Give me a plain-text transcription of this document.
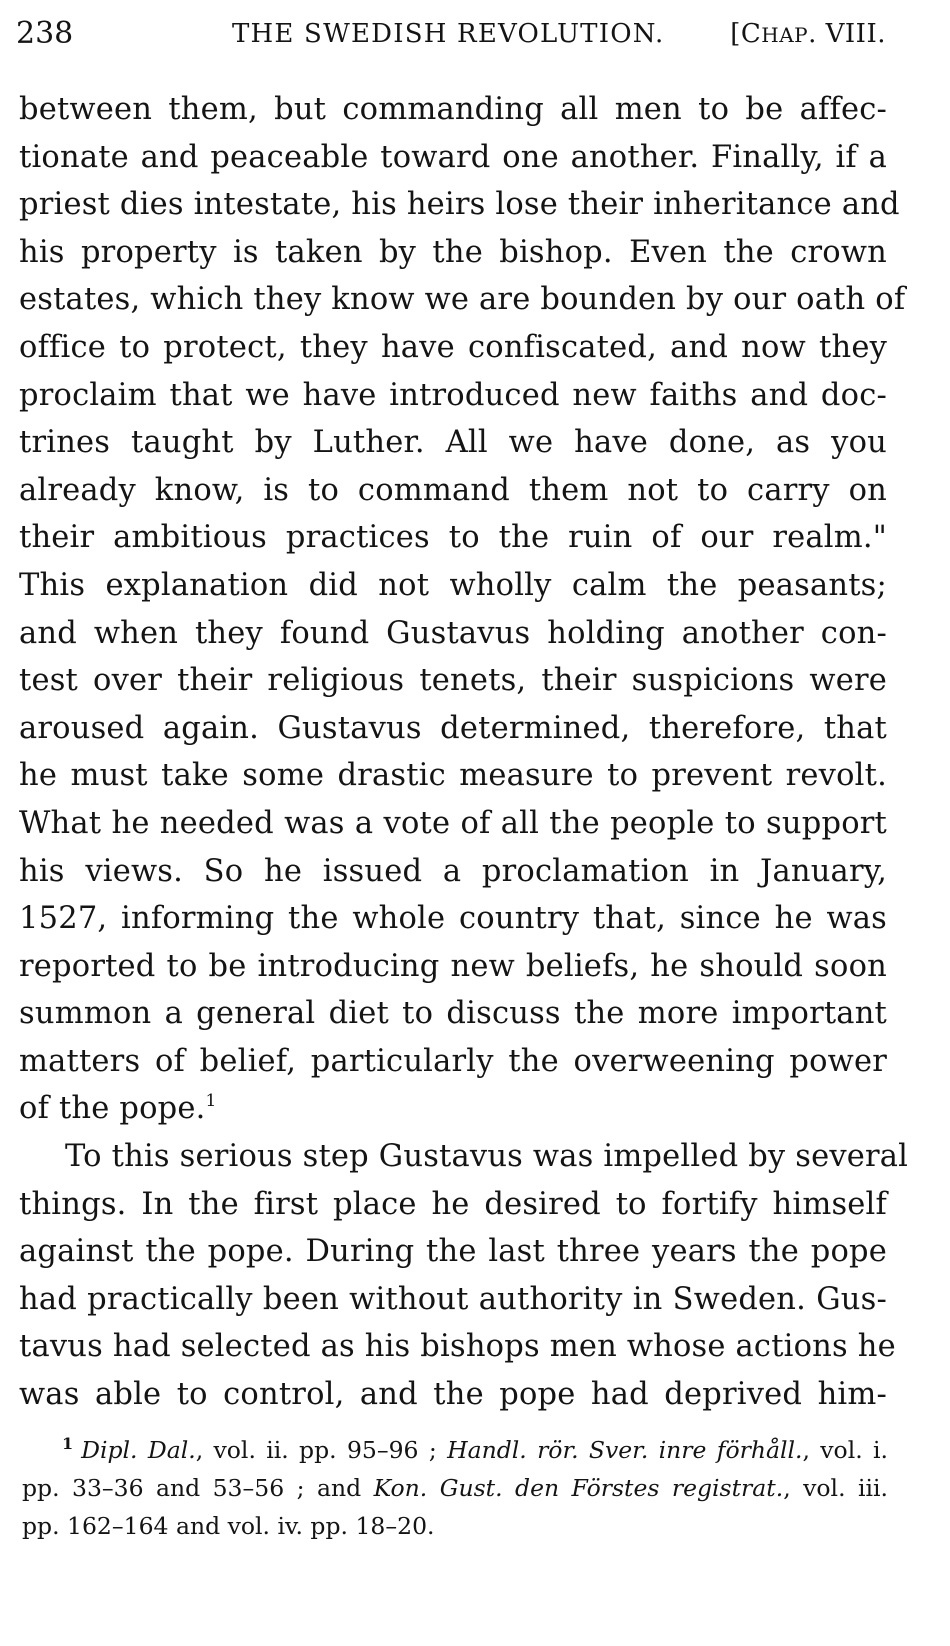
238	THE SWEDISH REVOLUTION.	[CHAP. VIII.
between them, but commanding all men to be affec-
tionate and peaceable toward one another. Finally, if a
priest dies intestate, his heirs lose their inheritance and
his property is taken by the bishop. Even the crown
estates, which they know we are bounden by our oath of
office to protect, they have confiscated, and now they
proclaim that we have introduced new faiths and doc-
trines taught by Luther. All we have done, as you
already know, is to command them not to carry on
their ambitious practices to the ruin of our realm."
This explanation did not wholly calm the peasants;
and when they found Gustavus holding another con-
test over their religious tenets, their suspicions were
aroused again. Gustavus determined, therefore, that
he must take some drastic measure to prevent revolt.
What he needed was a vote of all the people to support
his views. So he issued a proclamation in January,
1527, informing the whole country that, since he was
reported to be introducing new beliefs, he should soon
summon a general diet to discuss the more important
matters of belief, particularly the overweening power
of the pope.$^1$
To this serious step Gustavus was impelled by several
things. In the first place he desired to fortify himself
against the pope. During the last three years the pope
had practically been without authority in Sweden. Gus-
tavus had selected as his bishops men whose actions he
was able to control, and the pope had deprived him-
$^1$ Dipl. Dal., vol. ii. pp. 95–96 ; Handl. rör. Sver. inre förhåll., vol. i.
pp. 33–36 and 53–56 ; and Kon. Gust. den Förstes registrat., vol. iii.
pp. 162–164 and vol. iv. pp. 18–20.
